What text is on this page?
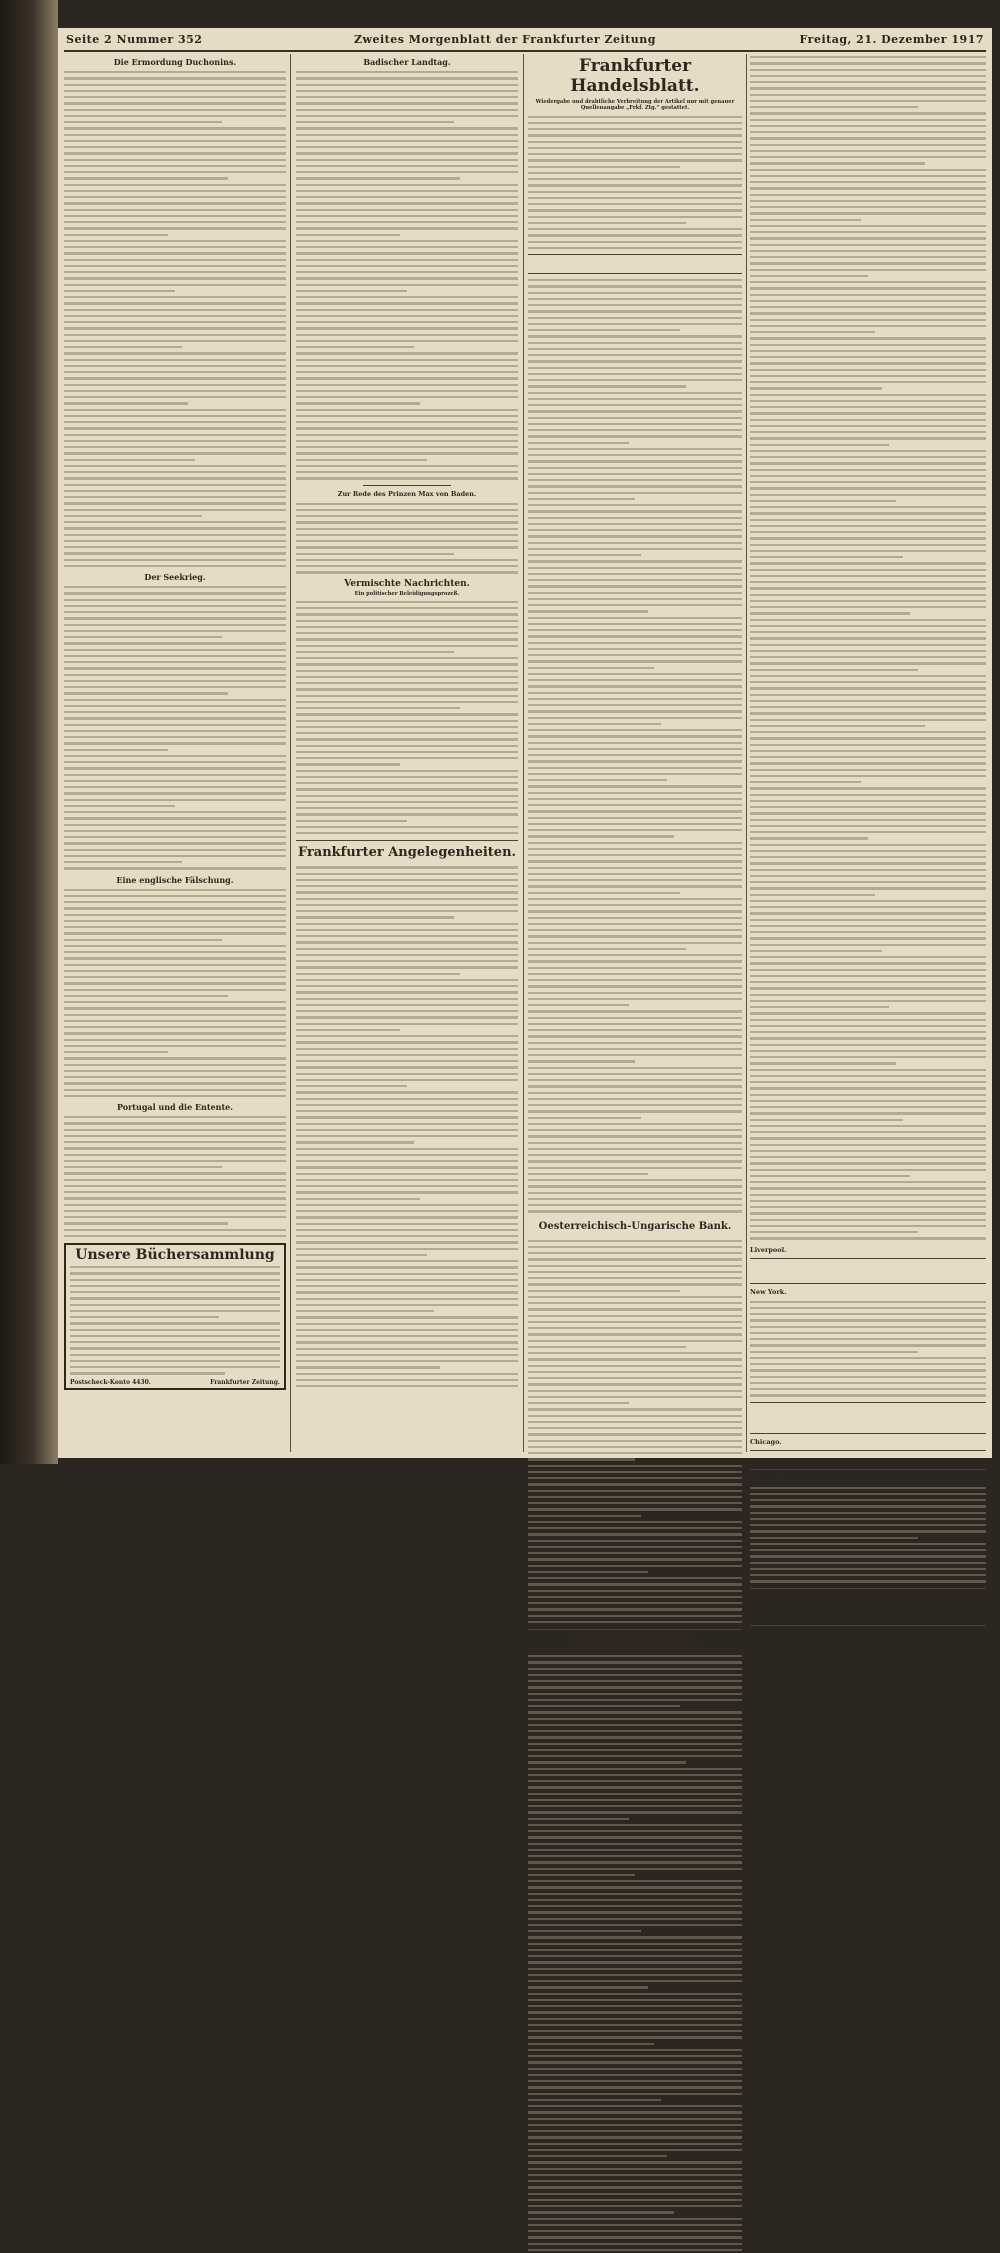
Seite 2 Nummer 352	Zweites Morgenblatt der Frankfurter Zeitung	Freitag, 21. Dezember 1917
Die Ermordung Duchonins.
Der Seekrieg.
Eine englische Fälschung.
Portugal und die Entente.
Unsere Büchersammlung
Postscheck-Konto 4430.	Frankfurter Zeitung.
Badischer Landtag.
Zur Rede des Prinzen Max von Baden.
Vermischte Nachrichten.
Ein politischer Beleidigungsprozeß.
Frankfurter Angelegenheiten.
Frankfurter Handelsblatt.
Wiedergabe und drahtliche Verbreitung der Artikel nur mit genauer Quellenangabe „Frkf. Ztg.“ gestattet.

Oesterreichisch-Ungarische Bank.
Drahtmeldungen.
Liverpool.

New York.

Chicago.

Buenos Aires.
